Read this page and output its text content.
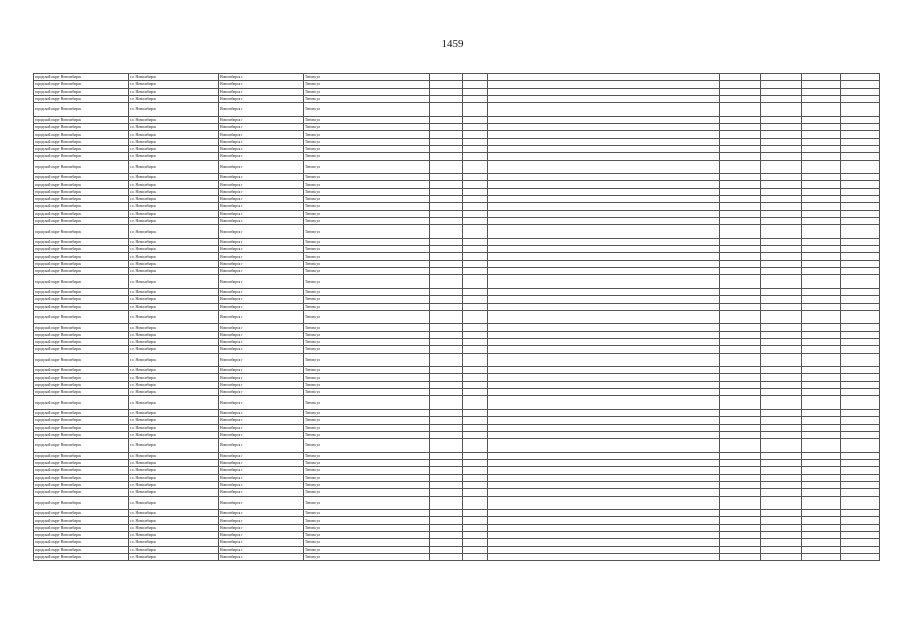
1459
городской округ Новосибирск	г.о. Новосибирск	Новосибирск г	Титова ул							
городской округ Новосибирск	г.о. Новосибирск	Новосибирск г	Титова ул							
городской округ Новосибирск	г.о. Новосибирск	Новосибирск г	Титова ул							
городской округ Новосибирск	г.о. Новосибирск	Новосибирск г	Титова ул							
городской округ Новосибирск	г.о. Новосибирск	Новосибирск г	Титова ул							
городской округ Новосибирск	г.о. Новосибирск	Новосибирск г	Титова ул							
городской округ Новосибирск	г.о. Новосибирск	Новосибирск г	Титова ул							
городской округ Новосибирск	г.о. Новосибирск	Новосибирск г	Титова ул							
городской округ Новосибирск	г.о. Новосибирск	Новосибирск г	Титова ул							
городской округ Новосибирск	г.о. Новосибирск	Новосибирск г	Титова ул							
городской округ Новосибирск	г.о. Новосибирск	Новосибирск г	Титова ул							
городской округ Новосибирск	г.о. Новосибирск	Новосибирск г	Титова ул							
городской округ Новосибирск	г.о. Новосибирск	Новосибирск г	Титова ул							
городской округ Новосибирск	г.о. Новосибирск	Новосибирск г	Титова ул							
городской округ Новосибирск	г.о. Новосибирск	Новосибирск г	Титова ул							
городской округ Новосибирск	г.о. Новосибирск	Новосибирск г	Титова ул							
городской округ Новосибирск	г.о. Новосибирск	Новосибирск г	Титова ул							
городской округ Новосибирск	г.о. Новосибирск	Новосибирск г	Титова ул							
городской округ Новосибирск	г.о. Новосибирск	Новосибирск г	Титова ул							
городской округ Новосибирск	г.о. Новосибирск	Новосибирск г	Титова ул							
городской округ Новосибирск	г.о. Новосибирск	Новосибирск г	Титова ул							
городской округ Новосибирск	г.о. Новосибирск	Новосибирск г	Титова ул							
городской округ Новосибирск	г.о. Новосибирск	Новосибирск г	Титова ул							
городской округ Новосибирск	г.о. Новосибирск	Новосибирск г	Титова ул							
городской округ Новосибирск	г.о. Новосибирск	Новосибирск г	Титова ул							
городской округ Новосибирск	г.о. Новосибирск	Новосибирск г	Титова ул							
городской округ Новосибирск	г.о. Новосибирск	Новосибирск г	Титова ул							
городской округ Новосибирск	г.о. Новосибирск	Новосибирск г	Титова ул							
городской округ Новосибирск	г.о. Новосибирск	Новосибирск г	Титова ул							
городской округ Новосибирск	г.о. Новосибирск	Новосибирск г	Титова ул							
городской округ Новосибирск	г.о. Новосибирск	Новосибирск г	Титова ул							
городской округ Новосибирск	г.о. Новосибирск	Новосибирск г	Титова ул							
городской округ Новосибирск	г.о. Новосибирск	Новосибирск г	Титова ул							
городской округ Новосибирск	г.о. Новосибирск	Новосибирск г	Титова ул							
городской округ Новосибирск	г.о. Новосибирск	Новосибирск г	Титова ул							
городской округ Новосибирск	г.о. Новосибирск	Новосибирск г	Титова ул							
городской округ Новосибирск	г.о. Новосибирск	Новосибирск г	Титова ул							
городской округ Новосибирск	г.о. Новосибирск	Новосибирск г	Титова ул							
городской округ Новосибирск	г.о. Новосибирск	Новосибирск г	Титова ул							
городской округ Новосибирск	г.о. Новосибирск	Новосибирск г	Титова ул							
городской округ Новосибирск	г.о. Новосибирск	Новосибирск г	Титова ул							
городской округ Новосибирск	г.о. Новосибирск	Новосибирск г	Титова ул							
городской округ Новосибирск	г.о. Новосибирск	Новосибирск г	Титова ул							
городской округ Новосибирск	г.о. Новосибирск	Новосибирск г	Титова ул							
городской округ Новосибирск	г.о. Новосибирск	Новосибирск г	Титова ул							
городской округ Новосибирск	г.о. Новосибирск	Новосибирск г	Титова ул							
городской округ Новосибирск	г.о. Новосибирск	Новосибирск г	Титова ул							
городской округ Новосибирск	г.о. Новосибирск	Новосибирск г	Титова ул							
городской округ Новосибирск	г.о. Новосибирск	Новосибирск г	Титова ул							
городской округ Новосибирск	г.о. Новосибирск	Новосибирск г	Титова ул							
городской округ Новосибирск	г.о. Новосибирск	Новосибирск г	Титова ул							
городской округ Новосибирск	г.о. Новосибирск	Новосибирск г	Титова ул							
городской округ Новосибирск	г.о. Новосибирск	Новосибирск г	Титова ул							
городской округ Новосибирск	г.о. Новосибирск	Новосибирск г	Титова ул							
городской округ Новосибирск	г.о. Новосибирск	Новосибирск г	Титова ул							
городской округ Новосибирск	г.о. Новосибирск	Новосибирск г	Титова ул							
городской округ Новосибирск	г.о. Новосибирск	Новосибирск г	Титова ул							
городской округ Новосибирск	г.о. Новосибирск	Новосибирск г	Титова ул							
городской округ Новосибирск	г.о. Новосибирск	Новосибирск г	Титова ул							
